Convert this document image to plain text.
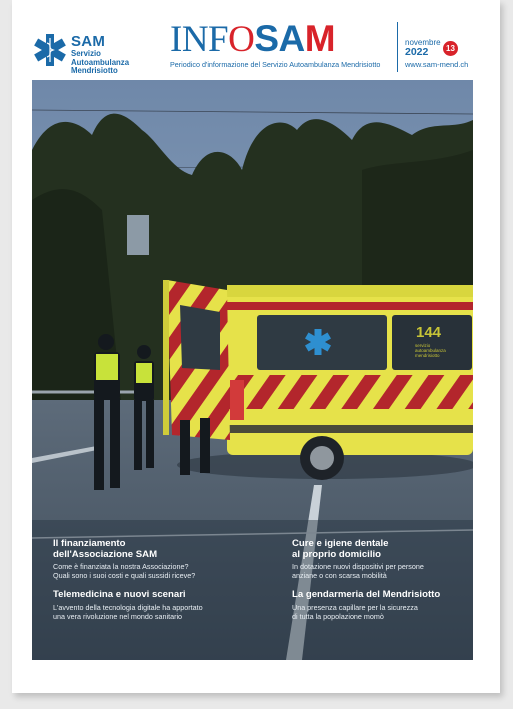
SAM
Servizio
Autoambulanza
Mendrisiotto
INFOSAM
Periodico d'informazione del Servizio Autoambulanza Mendrisiotto
novembre
2022	13
www.sam-mend.ch
Il finanziamento
dell'Associazione SAM
Come è finanziata la nostra Associazione?
Quali sono i suoi costi e quali sussidi riceve?
Telemedicina e nuovi scenari
L'avvento della tecnologia digitale ha apportato
una vera rivoluzione nel mondo sanitario
Cure e igiene dentale
al proprio domicilio
In dotazione nuovi dispositivi per persone
anziane o con scarsa mobilità
La gendarmeria del Mendrisiotto
Una presenza capillare per la sicurezza
di tutta la popolazione momò
144
servizio
autoambulanza
mendrisiotto
